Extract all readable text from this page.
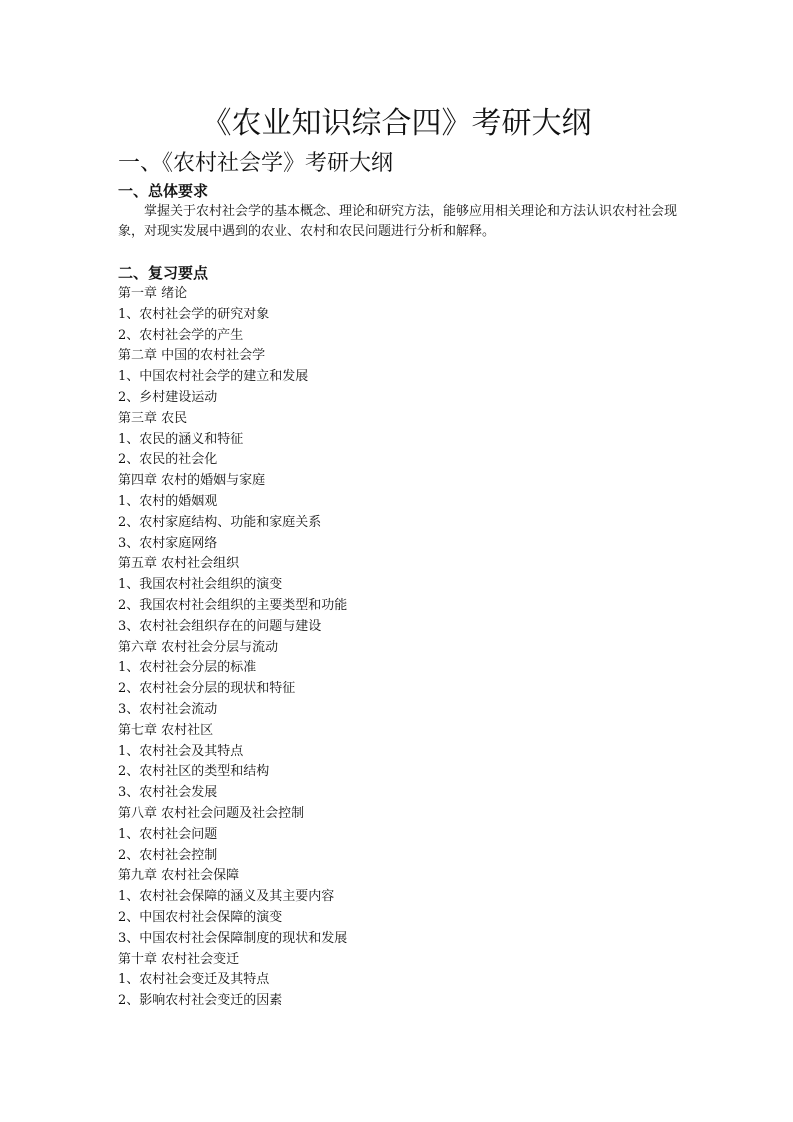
《农业知识综合四》考研大纲
一、《农村社会学》考研大纲
一、总体要求
掌握关于农村社会学的基本概念、理论和研究方法，能够应用相关理论和方法认识农村社会现象，对现实发展中遇到的农业、农村和农民问题进行分析和解释。
二、复习要点
第一章 绪论
1、农村社会学的研究对象
2、农村社会学的产生
第二章 中国的农村社会学
1、中国农村社会学的建立和发展
2、乡村建设运动
第三章 农民
1、农民的涵义和特征
2、农民的社会化
第四章 农村的婚姻与家庭
1、农村的婚姻观
2、农村家庭结构、功能和家庭关系
3、农村家庭网络
第五章 农村社会组织
1、我国农村社会组织的演变
2、我国农村社会组织的主要类型和功能
3、农村社会组织存在的问题与建设
第六章 农村社会分层与流动
1、农村社会分层的标准
2、农村社会分层的现状和特征
3、农村社会流动
第七章 农村社区
1、农村社会及其特点
2、农村社区的类型和结构
3、农村社会发展
第八章 农村社会问题及社会控制
1、农村社会问题
2、农村社会控制
第九章 农村社会保障
1、农村社会保障的涵义及其主要内容
2、中国农村社会保障的演变
3、中国农村社会保障制度的现状和发展
第十章 农村社会变迁
1、农村社会变迁及其特点
2、影响农村社会变迁的因素
